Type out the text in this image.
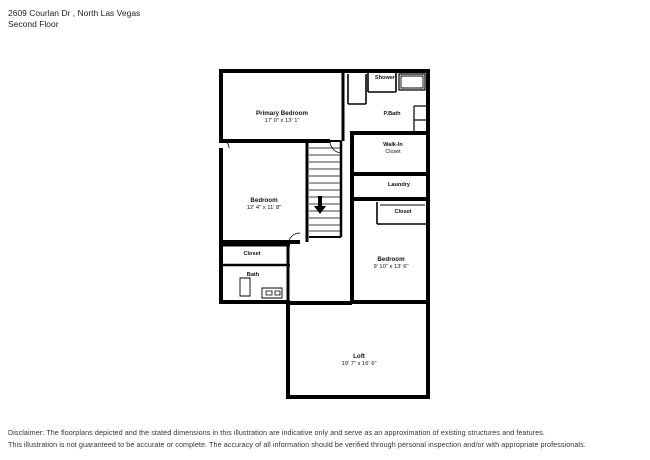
2609 Courlan Dr , North Las Vegas
Second Floor
Primary Bedroom
17' 0" x 13' 1"
P.Bath
Shower
Walk-In
Closet
Laundry
Bedroom
12' 4" x 11' 8"
Closet
Closet
Bath
Bedroom
9' 10" x 13' 6"
Loft
19' 7" x 16' 6"
Disclaimer: The floorplans depicted and the stated dimensions in this illustration are indicative only and serve as an approximation of existing structures and features.
This illustration is not guaranteed to be accurate or complete. The accuracy of all information should be verified through personal inspection and/or with appropriate professionals.
